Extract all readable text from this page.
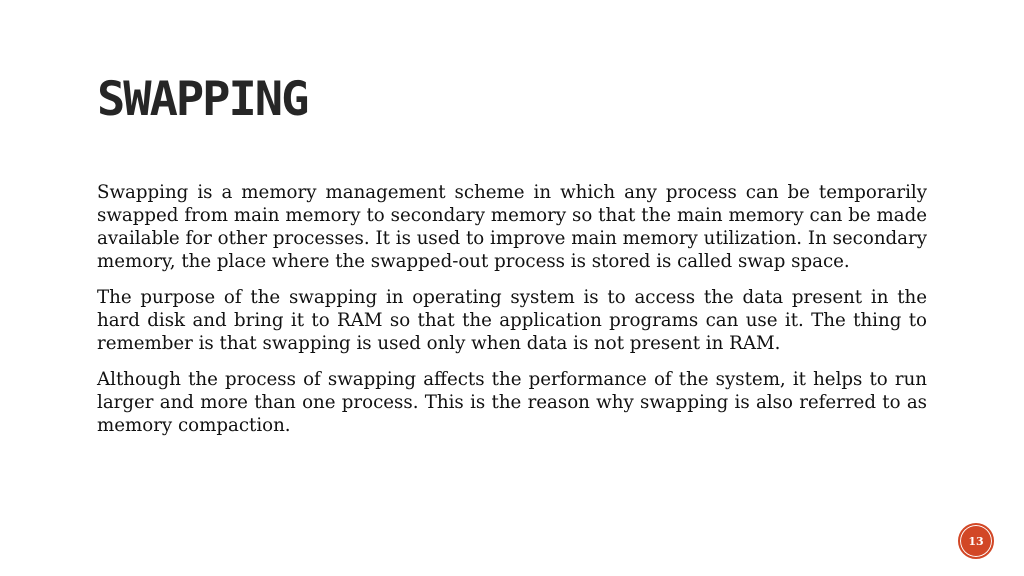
SWAPPING

Swapping is a memory management scheme in which any process can be temporarily swapped from main memory to secondary memory so that the main memory can be made available for other processes. It is used to improve main memory utilization. In secondary memory, the place where the swapped-out process is stored is called swap space.

The purpose of the swapping in operating system is to access the data present in the hard disk and bring it to RAM so that the application programs can use it. The thing to remember is that swapping is used only when data is not present in RAM.

Although the process of swapping affects the performance of the system, it helps to run larger and more than one process. This is the reason why swapping is also referred to as memory compaction.

13
